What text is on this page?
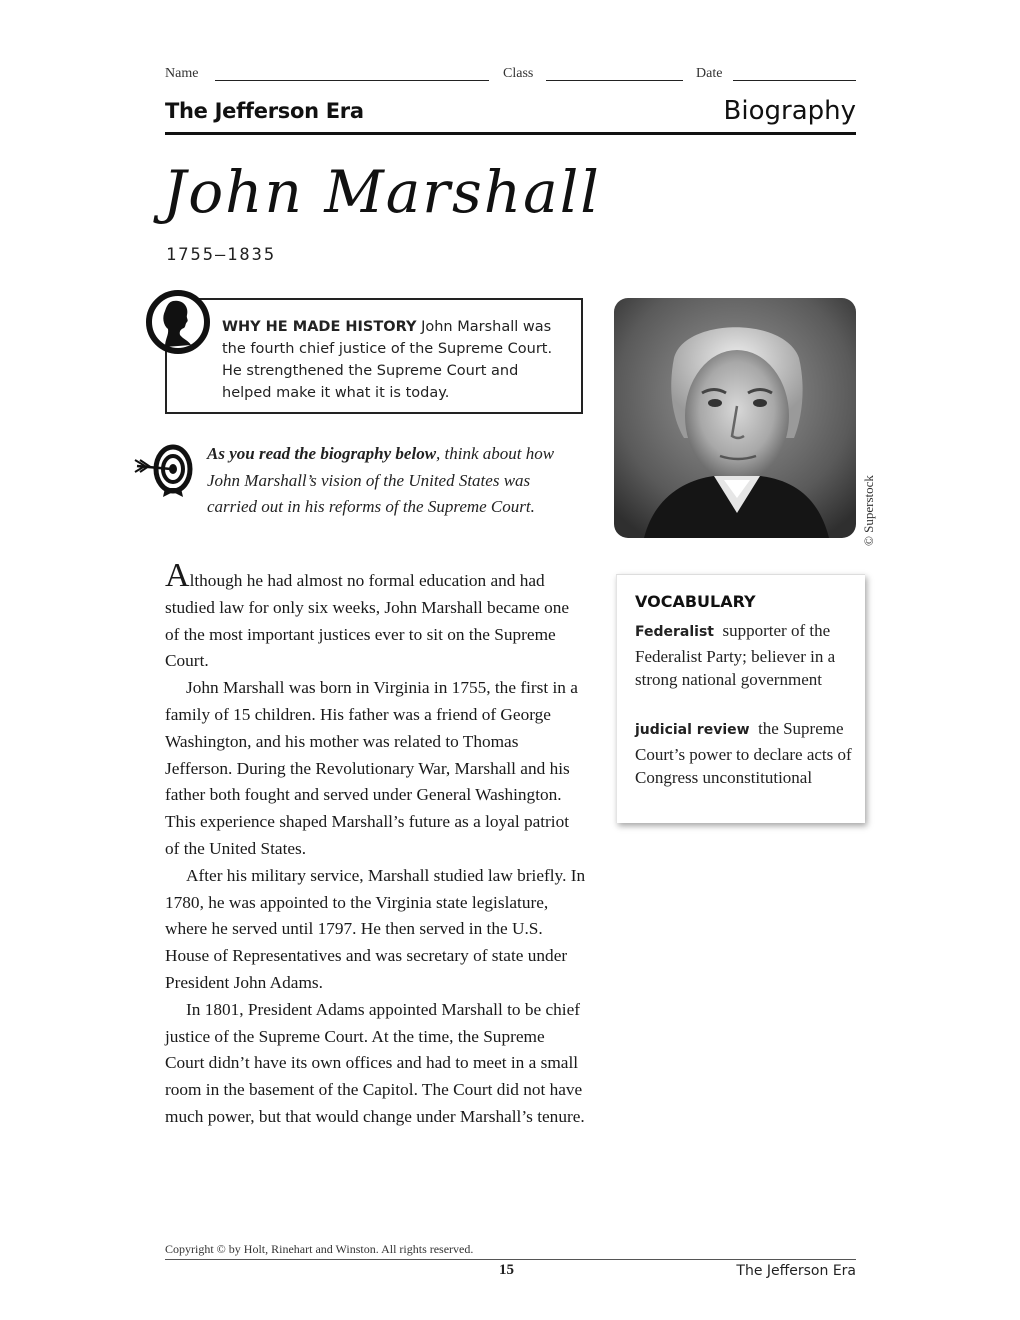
Name	Class	Date
The Jefferson Era	Biography
John Marshall
1755–1835
WHY HE MADE HISTORY John Marshall was the fourth chief justice of the Supreme Court. He strengthened the Supreme Court and helped make it what it is today.
As you read the biography below, think about how John Marshall’s vision of the United States was carried out in his reforms of the Supreme Court.	© Superstock

Although he had almost no formal education and had studied law for only six weeks, John Marshall became one of the most important justices ever to sit on the Supreme Court.

John Marshall was born in Virginia in 1755, the first in a family of 15 children. His father was a friend of George Washington, and his mother was related to Thomas Jefferson. During the Revolutionary War, Marshall and his father both fought and served under General Washington. This experience shaped Marshall’s future as a loyal patriot of the United States.

After his military service, Marshall studied law briefly. In 1780, he was appointed to the Virginia state legislature, where he served until 1797. He then served in the U.S. House of Representatives and was secretary of state under President John Adams.

In 1801, President Adams appointed Marshall to be chief justice of the Supreme Court. At the time, the Supreme Court didn’t have its own offices and had to meet in a small room in the basement of the Capitol. The Court did not have much power, but that would change under Marshall’s tenure.

VOCABULARY
Federalist supporter of the Federalist Party; believer in a strong national government
judicial review the Supreme Court’s power to declare acts of Congress unconstitutional
Copyright © by Holt, Rinehart and Winston. All rights reserved.
15	The Jefferson Era
